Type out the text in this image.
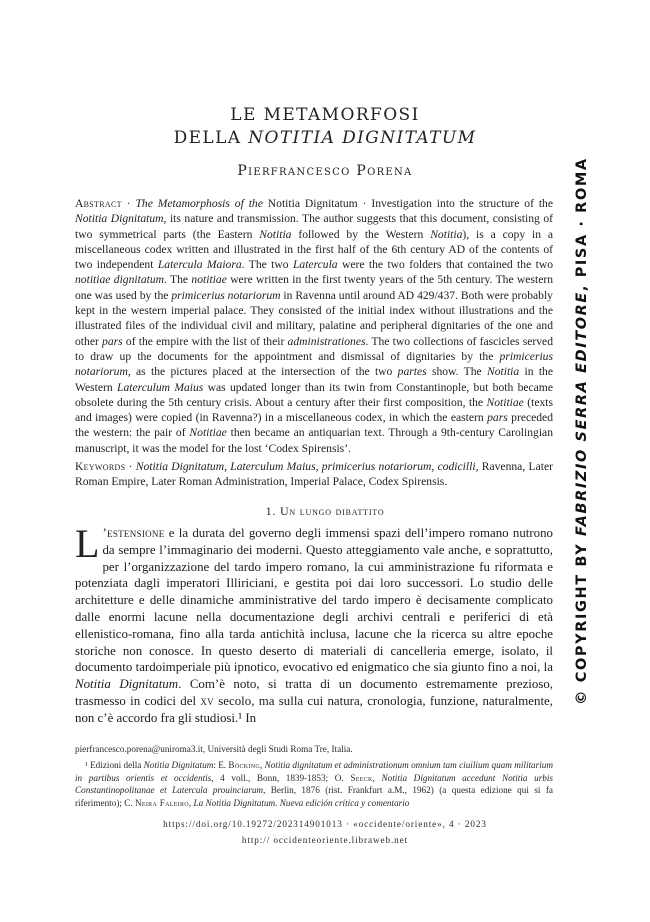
LE METAMORFOSI
DELLA NOTITIA DIGNITATUM
Pierfrancesco Porena

Abstract · The Metamorphosis of the Notitia Dignitatum · Investigation into the structure of the Notitia Dignitatum, its nature and transmission. The author suggests that this document, consisting of two symmetrical parts (the Eastern Notitia followed by the Western Notitia), is a copy in a miscellaneous codex written and illustrated in the first half of the 6th century AD of the contents of two independent Latercula Maiora. The two Latercula were the two folders that contained the two notitiae dignitatum. The notitiae were written in the first twenty years of the 5th century. The western one was used by the primicerius notariorum in Ravenna until around AD 429/437. Both were probably kept in the western imperial palace. They consisted of the initial index without illustrations and the illustrated files of the individual civil and military, palatine and peripheral dignitaries of the one and other pars of the empire with the list of their administrationes. The two collections of fascicles served to draw up the documents for the appointment and dismissal of dignitaries by the primicerius notariorum, as the pictures placed at the intersection of the two partes show. The Notitia in the Western Laterculum Maius was updated longer than its twin from Constantinople, but both became obsolete during the 5th century crisis. About a century after their first composition, the Notitiae (texts and images) were copied (in Ravenna?) in a miscellaneous codex, in which the eastern pars preceded the western: the pair of Notitiae then became an antiquarian text. Through a 9th-century Carolingian manuscript, it was the model for the lost ‘Codex Spirensis’.

Keywords · Notitia Dignitatum, Laterculum Maius, primicerius notariorum, codicilli, Ravenna, Later Roman Empire, Later Roman Administration, Imperial Palace, Codex Spirensis.

1. Un lungo dibattito

L ’estensione e la durata del governo degli immensi spazi dell’impero romano nutrono da sempre l’immaginario dei moderni. Questo atteggiamento vale anche, e soprattutto, per l’organizzazione del tardo impero romano, la cui amministrazione fu riformata e potenziata dagli imperatori Illiriciani, e gestita poi dai loro successori. Lo studio delle architetture e delle dinamiche amministrative del tardo impero è decisamente complicato dalle enormi lacune nella documentazione degli archivi centrali e periferici di età ellenistico-romana, fino alla tarda antichità inclusa, lacune che la ricerca su altre epoche storiche non conosce. In questo deserto di materiali di cancelleria emerge, isolato, il documento tardoimperiale più ipnotico, evocativo ed enigmatico che sia giunto fino a noi, la Notitia Dignitatum. Com’è noto, si tratta di un documento estremamente prezioso, trasmesso in codici del xv secolo, ma sulla cui natura, cronologia, funzione, naturalmente, non c’è accordo fra gli studiosi.¹ In

pierfrancesco.porena@uniroma3.it, Università degli Studi Roma Tre, Italia.

¹ Edizioni della Notitia Dignitatum: E. Böcking, Notitia dignitatum et administrationum omnium tam ciuilium quam militarium in partibus orientis et occidentis, 4 voll., Bonn, 1839-1853; O. Seeck, Notitia Dignitatum accedunt Notitia urbis Constantinopolitanae et Latercula prouinciarum, Berlin, 1876 (rist. Frankfurt a.M., 1962) (a questa edizione qui si fa riferimento); C. Neira Faleiro, La Notitia Dignitatum. Nueva edición crítica y comentario

https://doi.org/10.19272/202314901013 · «occidente/oriente», 4 · 2023
http:// occidenteoriente.libraweb.net
© COPYRIGHT BY FABRIZIO SERRA EDITORE, PISA · ROMA
